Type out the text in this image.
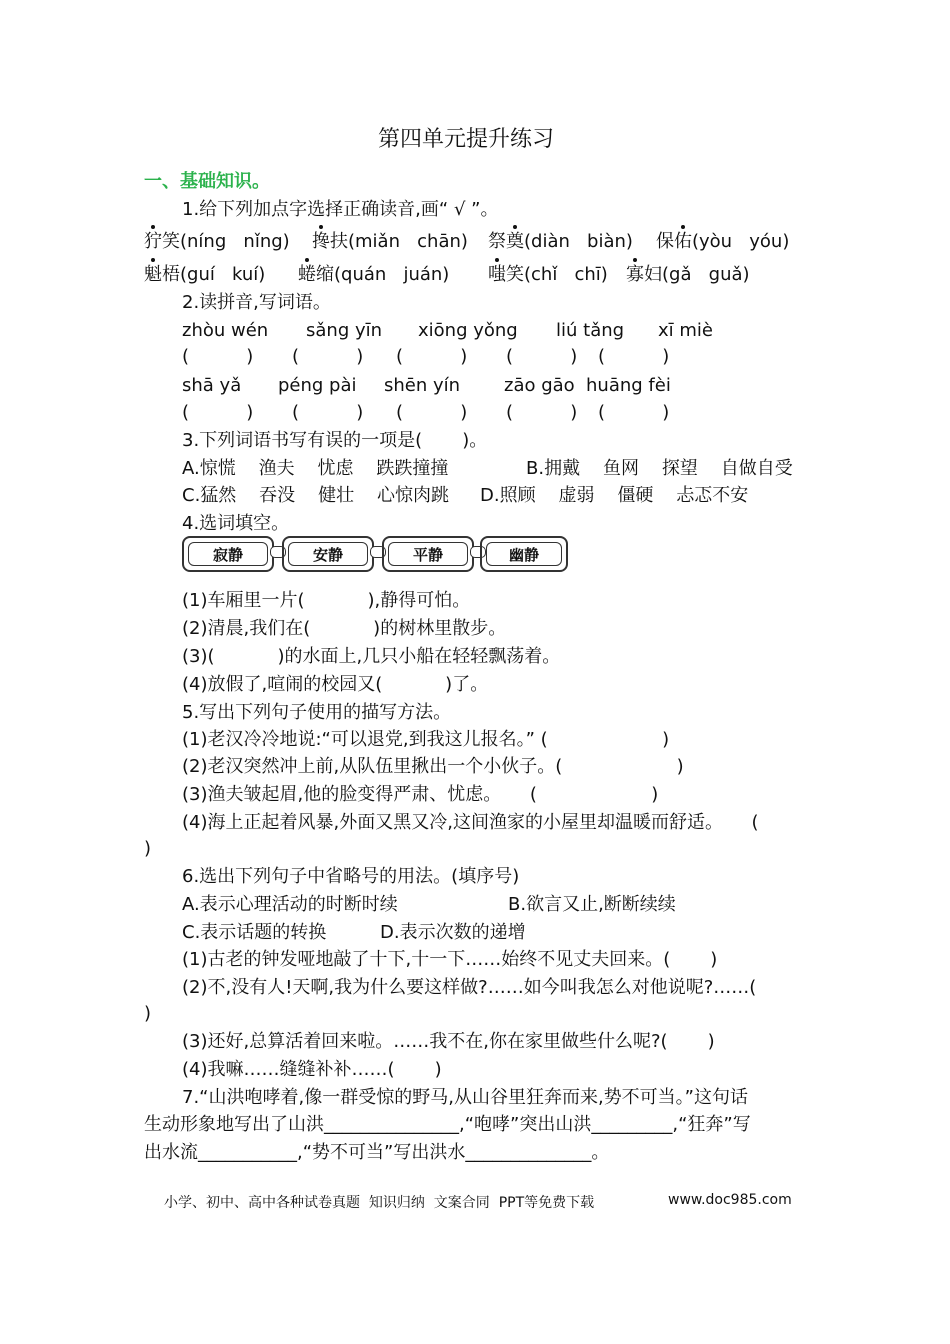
第四单元提升练习
一、基础知识。
1.给下列加点字选择正确读音,画“ √ ”。
狞笑(níng   nǐng) 搀扶(miǎn   chān) 祭奠(diàn   biàn) 保佑(yòu   yóu)
魁梧(guí   kuí) 蜷缩(quán   juán) 嗤笑(chǐ   chī) 寡妇(gǎ   guǎ)
2.读拼音,写词语。
zhòu wén sǎng yīn xiōng yǒng liú tǎng xī miè
(          ) (          ) (          ) (          ) (          )
shā yǎ péng pài shēn yín zāo gāo huāng fèi
(          ) (          ) (          ) (          ) (          )
3.下列词语书写有误的一项是(       )。
A.惊慌    渔夫    忧虑    跌跌撞撞	B.拥戴    鱼网    探望    自做自受
C.猛然    吞没    健壮    心惊肉跳 D.照顾    虚弱    僵硬    忐忑不安
4.选词填空。
寂静	安静	平静	幽静
(1)车厢里一片(           ),静得可怕。
(2)清晨,我们在(           )的树林里散步。
(3)(           )的水面上,几只小船在轻轻飘荡着。
(4)放假了,喧闹的校园又(           )了。
5.写出下列句子使用的描写方法。
(1)老汉冷冷地说:“可以退党,到我这儿报名。” (                    )
(2)老汉突然冲上前,从队伍里揪出一个小伙子。(                    )
(3)渔夫皱起眉,他的脸变得严肃、忧虑。     (                    )
(4)海上正起着风暴,外面又黑又冷,这间渔家的小屋里却温暖而舒适。     (
)
6.选出下列句子中省略号的用法。(填序号)
A.表示心理活动的时断时续	B.欲言又止,断断续续
C.表示话题的转换	D.表示次数的递增
(1)古老的钟发哑地敲了十下,十一下……始终不见丈夫回来。(       )
(2)不,没有人!天啊,我为什么要这样做?……如今叫我怎么对他说呢?……(
)
(3)还好,总算活着回来啦。……我不在,你在家里做些什么呢?(       )
(4)我嘛……缝缝补补……(       )
7.“山洪咆哮着,像一群受惊的野马,从山谷里狂奔而来,势不可当。”这句话
生动形象地写出了山洪_______________,“咆哮”突出山洪_________,“狂奔”写
出水流___________,“势不可当”写出洪水______________。
小学、初中、高中各种试卷真题  知识归纳  文案合同  PPT等免费下载	www.doc985.com
